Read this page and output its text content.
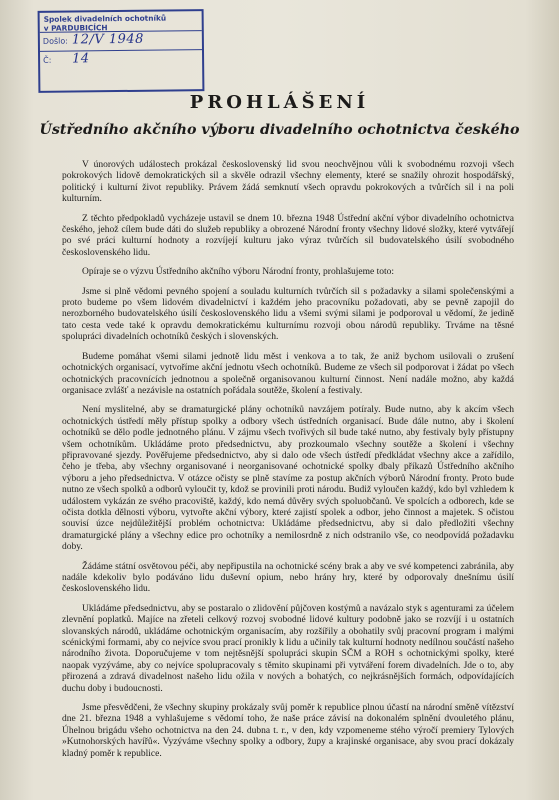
Spolek divadelních ochotníků
v PARDUBICÍCH
Došlo: 12/V 1948
Č: 14
PROHLÁŠENÍ
Ústředního akčního výboru divadelního ochotnictva českého

V únorových událostech prokázal československý lid svou neochvějnou vůli k svobodnému rozvoji všech pokrokových lidově demokratických sil a skvěle odrazil všechny elementy, které se snažily ohrozit hospodářský, politický i kulturní život republiky. Právem žádá semknutí všech opravdu pokrokových a tvůrčích sil i na poli kulturním.

Z těchto předpokladů vycházeje ustavil se dnem 10. března 1948 Ústřední akční výbor divadelního ochotnictva českého, jehož cílem bude dáti do služeb republiky a obrozené Národní fronty všechny lidové složky, které vytvářejí po své práci kulturní hodnoty a rozvíjejí kulturu jako výraz tvůrčích sil budovatelského úsilí svobodného československého lidu.

Opíraje se o výzvu Ústředního akčního výboru Národní fronty, prohlašujeme toto:

Jsme si plně vědomi pevného spojení a souladu kulturních tvůrčích sil s požadavky a silami společenskými a proto budeme po všem lidovém divadelnictví i každém jeho pracovníku požadovati, aby se pevně zapojil do nerozborného budovatelského úsilí československého lidu a všemi svými silami je podporoval u vědomí, že jedině tato cesta vede také k opravdu demokratickému kulturnímu rozvoji obou národů republiky. Trváme na těsné spolupráci divadelních ochotníků českých i slovenských.

Budeme pomáhat všemi silami jednotě lidu měst i venkova a to tak, že aniž bychom usilovali o zrušení ochotnických organisací, vytvoříme akční jednotu všech ochotníků. Budeme ze všech sil podporovat i žádat po všech ochotnických pracovnících jednotnou a společně organisovanou kulturní činnost. Není nadále možno, aby každá organisace zvlášť a nezávisle na ostatních pořádala soutěže, školení a festivaly.

Není myslitelné, aby se dramaturgické plány ochotníků navzájem potíraly. Bude nutno, aby k akcím všech ochotnických ústředí měly přístup spolky a odbory všech ústředních organisací. Bude dále nutno, aby i školení ochotníků se dělo podle jednotného plánu. V zájmu všech tvořivých sil bude také nutno, aby festivaly byly přístupny všem ochotníkům. Ukládáme proto předsednictvu, aby prozkoumalo všechny soutěže a školení i všechny připravované sjezdy. Pověřujeme předsednictvo, aby si dalo ode všech ústředí předkládat všechny akce a zařídilo, čeho je třeba, aby všechny organisované i neorganisované ochotnické spolky dbaly příkazů Ústředního akčního výboru a jeho předsednictva. V otázce očisty se plně stavíme za postup akčních výborů Národní fronty. Proto bude nutno ze všech spolků a odborů vyloučit ty, kdož se provinili proti národu. Budiž vyloučen každý, kdo byl vzhledem k událostem vykázán ze svého pracoviště, každý, kdo nemá důvěry svých spoluobčanů. Ve spolcích a odborech, kde se očista dotkla dělnosti výboru, vytvořte akční výbory, které zajistí spolek a odbor, jeho činnost a majetek. S očistou souvisí úzce nejdůležitější problém ochotnictva: Ukládáme předsednictvu, aby si dalo předložiti všechny dramaturgické plány a všechny edice pro ochotníky a nemilosrdně z nich odstranilo vše, co neodpovídá požadavku doby.

Žádáme státní osvětovou péči, aby nepřipustila na ochotnické scény brak a aby ve své kompetenci zabránila, aby nadále kdekoliv bylo podáváno lidu duševní opium, nebo hrány hry, které by odporovaly dnešnímu úsilí československého lidu.

Ukládáme předsednictvu, aby se postaralo o zlidovění půjčoven kostýmů a navázalo styk s agenturami za účelem zlevnění poplatků. Majíce na zřeteli celkový rozvoj svobodné lidové kultury podobně jako se rozvíjí i u ostatních slovanských národů, ukládáme ochotnickým organisacím, aby rozšířily a obohatily svůj pracovní program i malými scénickými formami, aby co nejvíce svou prací pronikly k lidu a učinily tak kulturní hodnoty nedílnou součástí našeho národního života. Doporučujeme v tom nejtěsnější spolupráci skupin SČM a ROH s ochotnickými spolky, které naopak vyzýváme, aby co nejvíce spolupracovaly s těmito skupinami při vytváření forem divadelních. Jde o to, aby přirozená a zdravá divadelnost našeho lidu ožila v nových a bohatých, co nejkrásnějších formách, odpovídajících duchu doby i budoucnosti.

Jsme přesvědčeni, že všechny skupiny prokázaly svůj poměr k republice plnou účastí na národní směně vítězství dne 21. března 1948 a vyhlašujeme s vědomí toho, že naše práce závisí na dokonalém splnění dvouletého plánu, Úhelnou brigádu všeho ochotnictva na den 24. dubna t. r., v den, kdy vzpomeneme stého výročí premiery Tylových »Kutnohorských havířů«. Vyzýváme všechny spolky a odbory, župy a krajinské organisace, aby svou prací dokázaly kladný poměr k republice.
